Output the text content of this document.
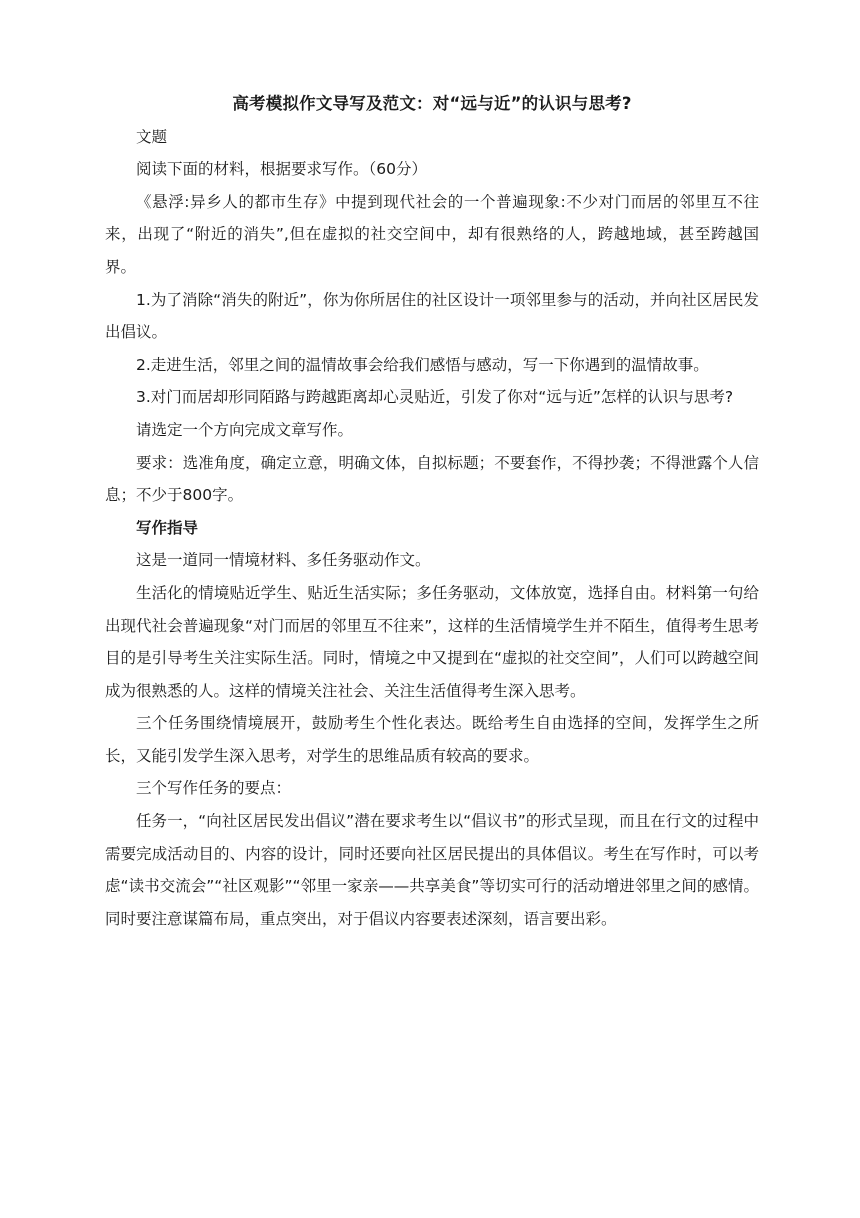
高考模拟作文导写及范文：对“远与近”的认识与思考?

文题

阅读下面的材料，根据要求写作。（60分）

《悬浮:异乡人的都市生存》中提到现代社会的一个普遍现象:不少对门而居的邻里互不往来，出现了“附近的消失”,但在虚拟的社交空间中，却有很熟络的人，跨越地域，甚至跨越国界。

1.为了消除“消失的附近”，你为你所居住的社区设计一项邻里参与的活动，并向社区居民发出倡议。

2.走进生活，邻里之间的温情故事会给我们感悟与感动，写一下你遇到的温情故事。

3.对门而居却形同陌路与跨越距离却心灵贴近，引发了你对“远与近”怎样的认识与思考?

请选定一个方向完成文章写作。

要求：选准角度，确定立意，明确文体，自拟标题；不要套作，不得抄袭；不得泄露个人信息；不少于800字。

写作指导

这是一道同一情境材料、多任务驱动作文。

生活化的情境贴近学生、贴近生活实际；多任务驱动，文体放宽，选择自由。材料第一句给出现代社会普遍现象“对门而居的邻里互不往来”，这样的生活情境学生并不陌生，值得考生思考目的是引导考生关注实际生活。同时，情境之中又提到在“虚拟的社交空间”，人们可以跨越空间成为很熟悉的人。这样的情境关注社会、关注生活值得考生深入思考。

三个任务围绕情境展开，鼓励考生个性化表达。既给考生自由选择的空间，发挥学生之所长，又能引发学生深入思考，对学生的思维品质有较高的要求。

三个写作任务的要点：

任务一，“向社区居民发出倡议”潜在要求考生以“倡议书”的形式呈现，而且在行文的过程中需要完成活动目的、内容的设计，同时还要向社区居民提出的具体倡议。考生在写作时，可以考虑“读书交流会”“社区观影”“邻里一家亲——共享美食”等切实可行的活动增进邻里之间的感情。同时要注意谋篇布局，重点突出，对于倡议内容要表述深刻，语言要出彩。
